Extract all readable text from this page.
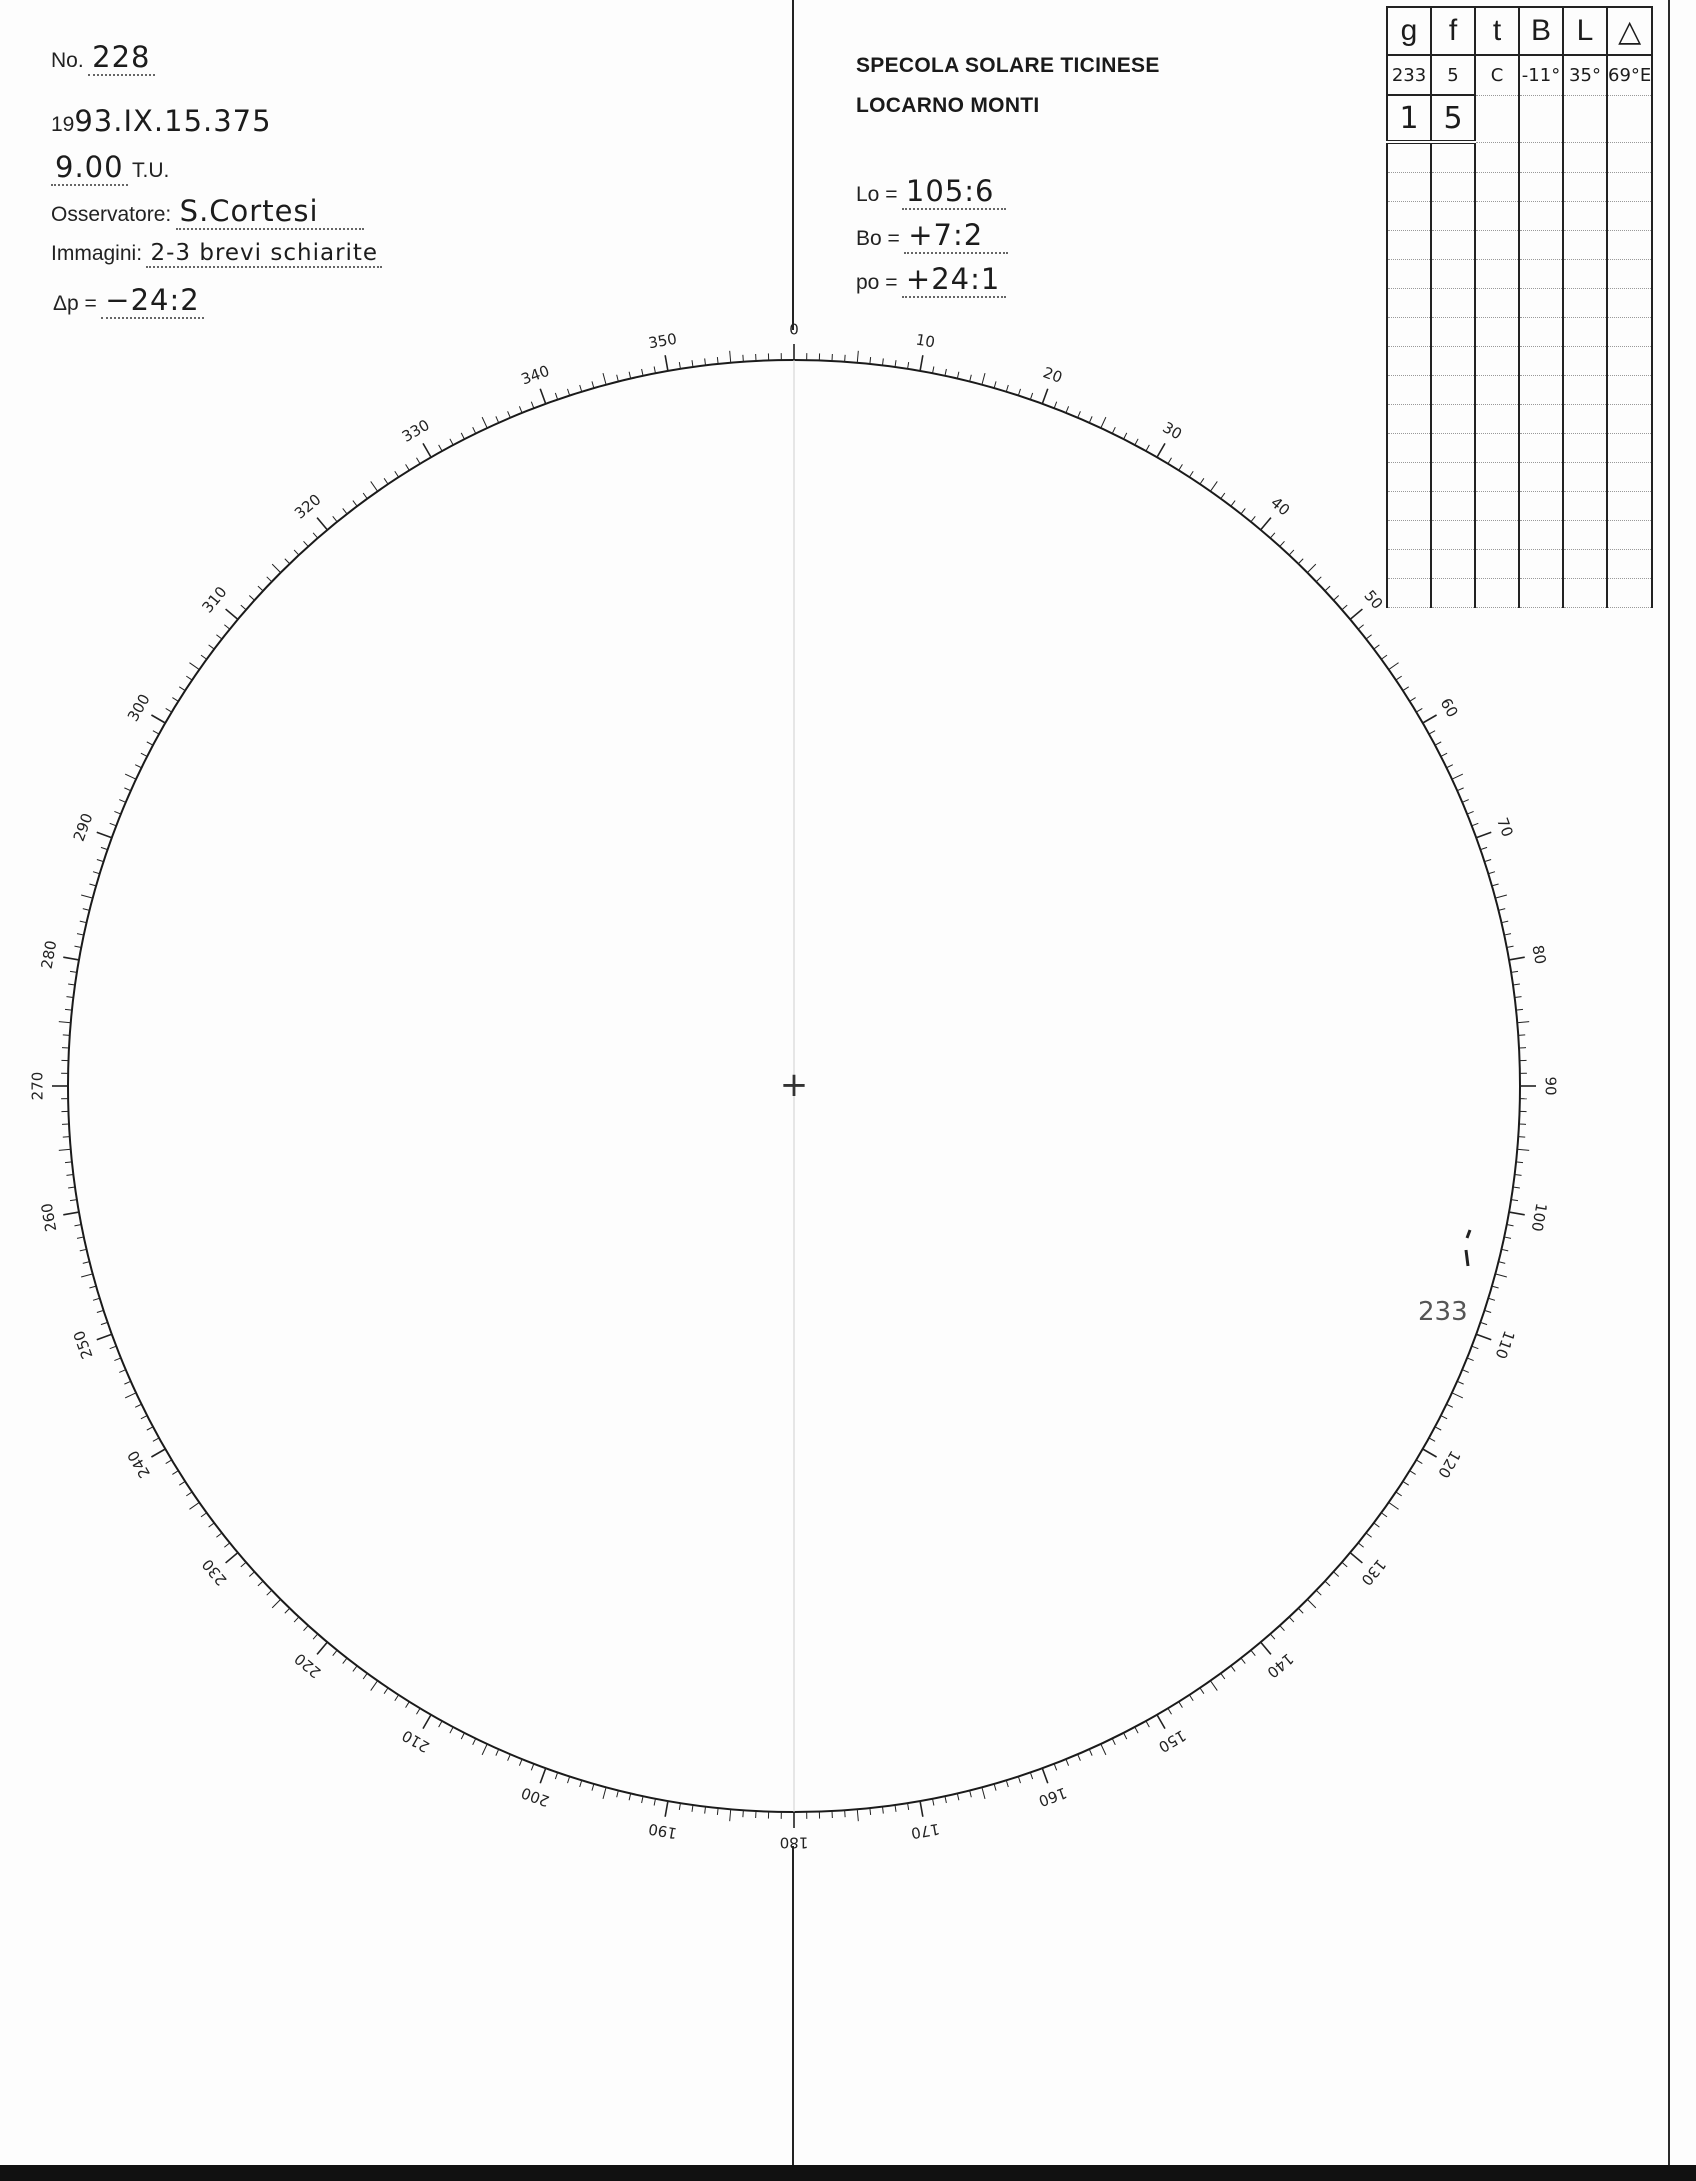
No. 228
1993.IX.15.375
9.00 T.U.
Osservatore: S.Cortesi
Immagini: 2-3 brevi schiarite
Δp = −24:2
SPECOLA SOLARE TICINESE
LOCARNO MONTI
Lo = 105:6
Bo = +7:2
po = +24:1
g	f	t	B	L	△
233	5	C	-11°	35°	69°E
1	5				

0
10
20
30
40
50
60
70
80
90
100
110
120
130
140
150
160
170
180
190
200
210
220
230
240
250
260
270
280
290
300
310
320
330
340
350
+
233
